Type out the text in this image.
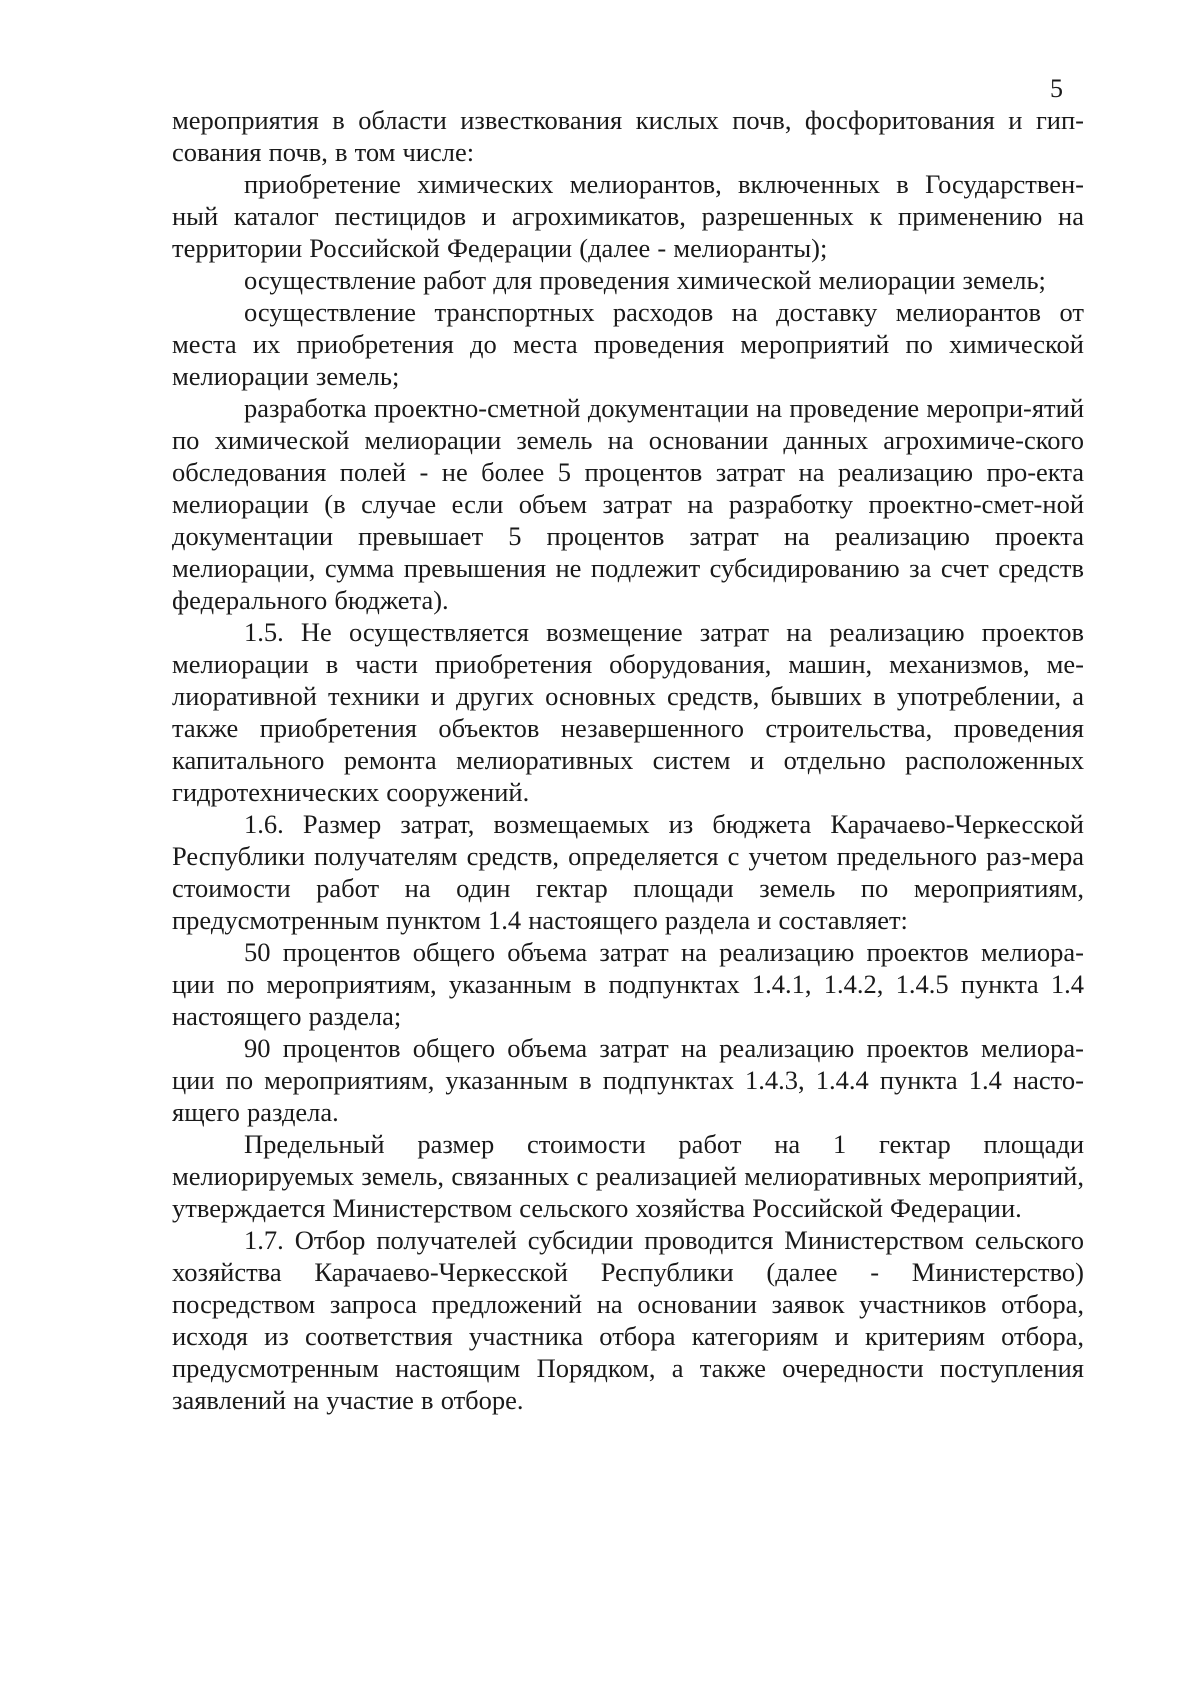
5

мероприятия в области известкования кислых почв, фосфоритования и гип-сования почв, в том числе:

приобретение химических мелиорантов, включенных в Государствен-ный каталог пестицидов и агрохимикатов, разрешенных к применению на территории Российской Федерации (далее - мелиоранты);

осуществление работ для проведения химической мелиорации земель;

осуществление транспортных расходов на доставку мелиорантов от места их приобретения до места проведения мероприятий по химической мелиорации земель;

разработка проектно-сметной документации на проведение меропри-ятий по химической мелиорации земель на основании данных агрохимиче-ского обследования полей - не более 5 процентов затрат на реализацию про-екта мелиорации (в случае если объем затрат на разработку проектно-смет-ной документации превышает 5 процентов затрат на реализацию проекта мелиорации, сумма превышения не подлежит субсидированию за счет средств федерального бюджета).

1.5. Не осуществляется возмещение затрат на реализацию проектов мелиорации в части приобретения оборудования, машин, механизмов, ме-лиоративной техники и других основных средств, бывших в употреблении, а также приобретения объектов незавершенного строительства, проведения капитального ремонта мелиоративных систем и отдельно расположенных гидротехнических сооружений.

1.6. Размер затрат, возмещаемых из бюджета Карачаево-Черкесской Республики получателям средств, определяется с учетом предельного раз-мера стоимости работ на один гектар площади земель по мероприятиям, предусмотренным пунктом 1.4 настоящего раздела и составляет:

50 процентов общего объема затрат на реализацию проектов мелиора-ции по мероприятиям, указанным в подпунктах 1.4.1, 1.4.2, 1.4.5 пункта 1.4 настоящего раздела;

90 процентов общего объема затрат на реализацию проектов мелиора-ции по мероприятиям, указанным в подпунктах 1.4.3, 1.4.4 пункта 1.4 насто-ящего раздела.

Предельный размер стоимости работ на 1 гектар площади мелиорируемых земель, связанных с реализацией мелиоративных мероприятий, утверждается Министерством сельского хозяйства Российской Федерации.

1.7. Отбор получателей субсидии проводится Министерством сельского хозяйства Карачаево-Черкесской Республики (далее - Министерство) посредством запроса предложений на основании заявок участников отбора, исходя из соответствия участника отбора категориям и критериям отбора, предусмотренным настоящим Порядком, а также очередности поступления заявлений на участие в отборе.
